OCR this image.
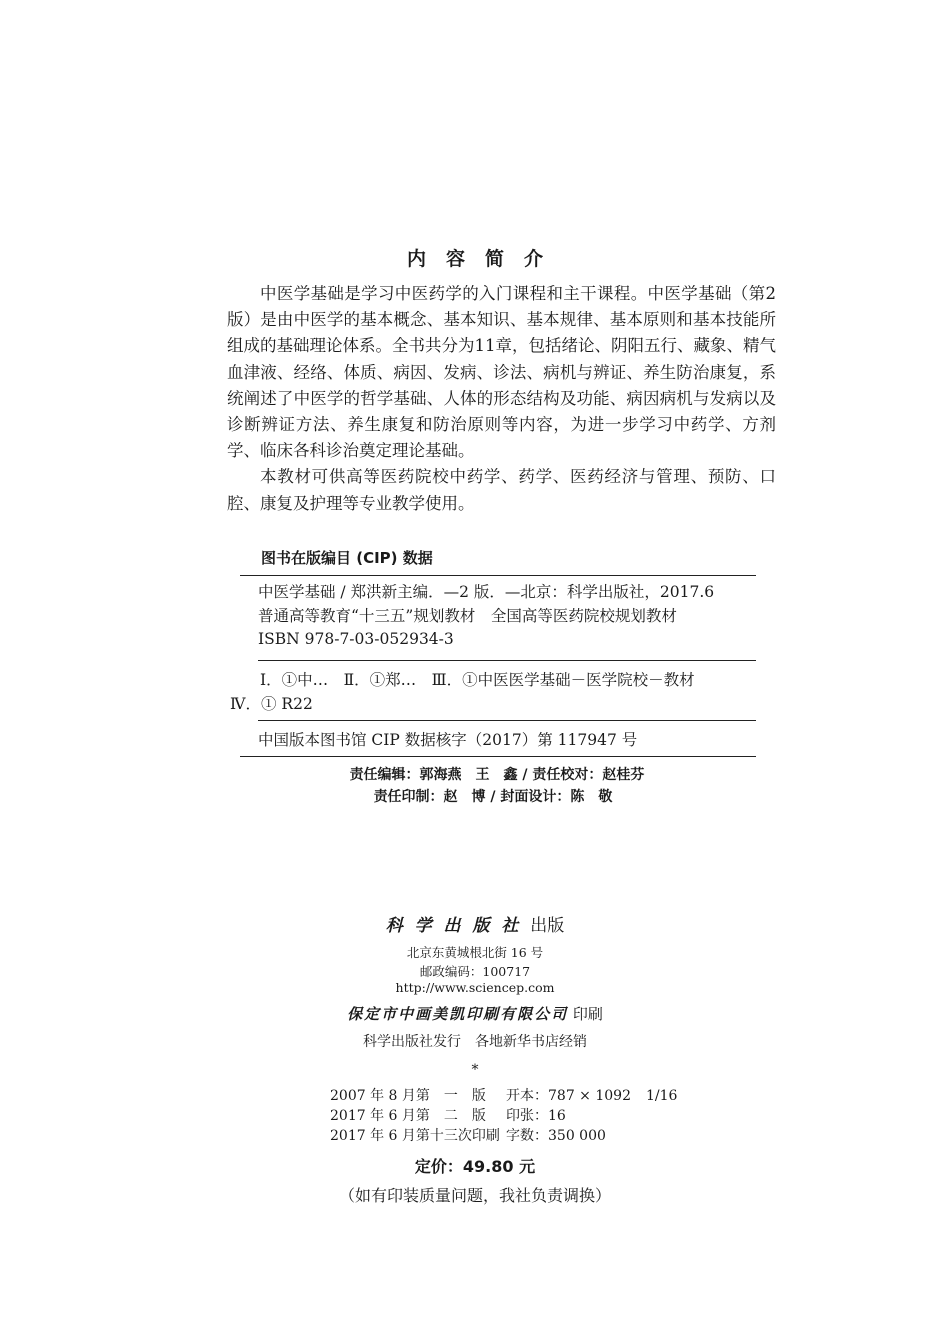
内 容 简 介

中医学基础是学习中医药学的入门课程和主干课程。中医学基础（第2版）是由中医学的基本概念、基本知识、基本规律、基本原则和基本技能所组成的基础理论体系。全书共分为11章，包括绪论、阴阳五行、藏象、精气血津液、经络、体质、病因、发病、诊法、病机与辨证、养生防治康复，系统阐述了中医学的哲学基础、人体的形态结构及功能、病因病机与发病以及诊断辨证方法、养生康复和防治原则等内容，为进一步学习中药学、方剂学、临床各科诊治奠定理论基础。

本教材可供高等医药院校中药学、药学、医药经济与管理、预防、口腔、康复及护理等专业教学使用。

图书在版编目 (CIP) 数据
中医学基础 / 郑洪新主编．—2 版．—北京：科学出版社，2017.6
普通高等教育“十三五”规划教材　全国高等医药院校规划教材
ISBN 978-7-03-052934-3
Ⅰ．①中…　Ⅱ．①郑…　Ⅲ．①中医医学基础－医学院校－教材
Ⅳ．① R22
中国版本图书馆 CIP 数据核字（2017）第 117947 号
责任编辑：郭海燕　王　鑫 / 责任校对：赵桂芬
责任印制：赵　博 / 封面设计：陈　敬
科 学 出 版 社 出版
北京东黄城根北街 16 号
邮政编码：100717
http://www.sciencep.com
保定市中画美凯印刷有限公司 印刷
科学出版社发行　各地新华书店经销
*
2007 年 8 月第　一　版	开本：787 × 1092	1/16
2017 年 6 月第　二　版	印张：16
2017 年 6 月第十三次印刷 字数：350 000
定价：49.80 元
（如有印装质量问题，我社负责调换）
